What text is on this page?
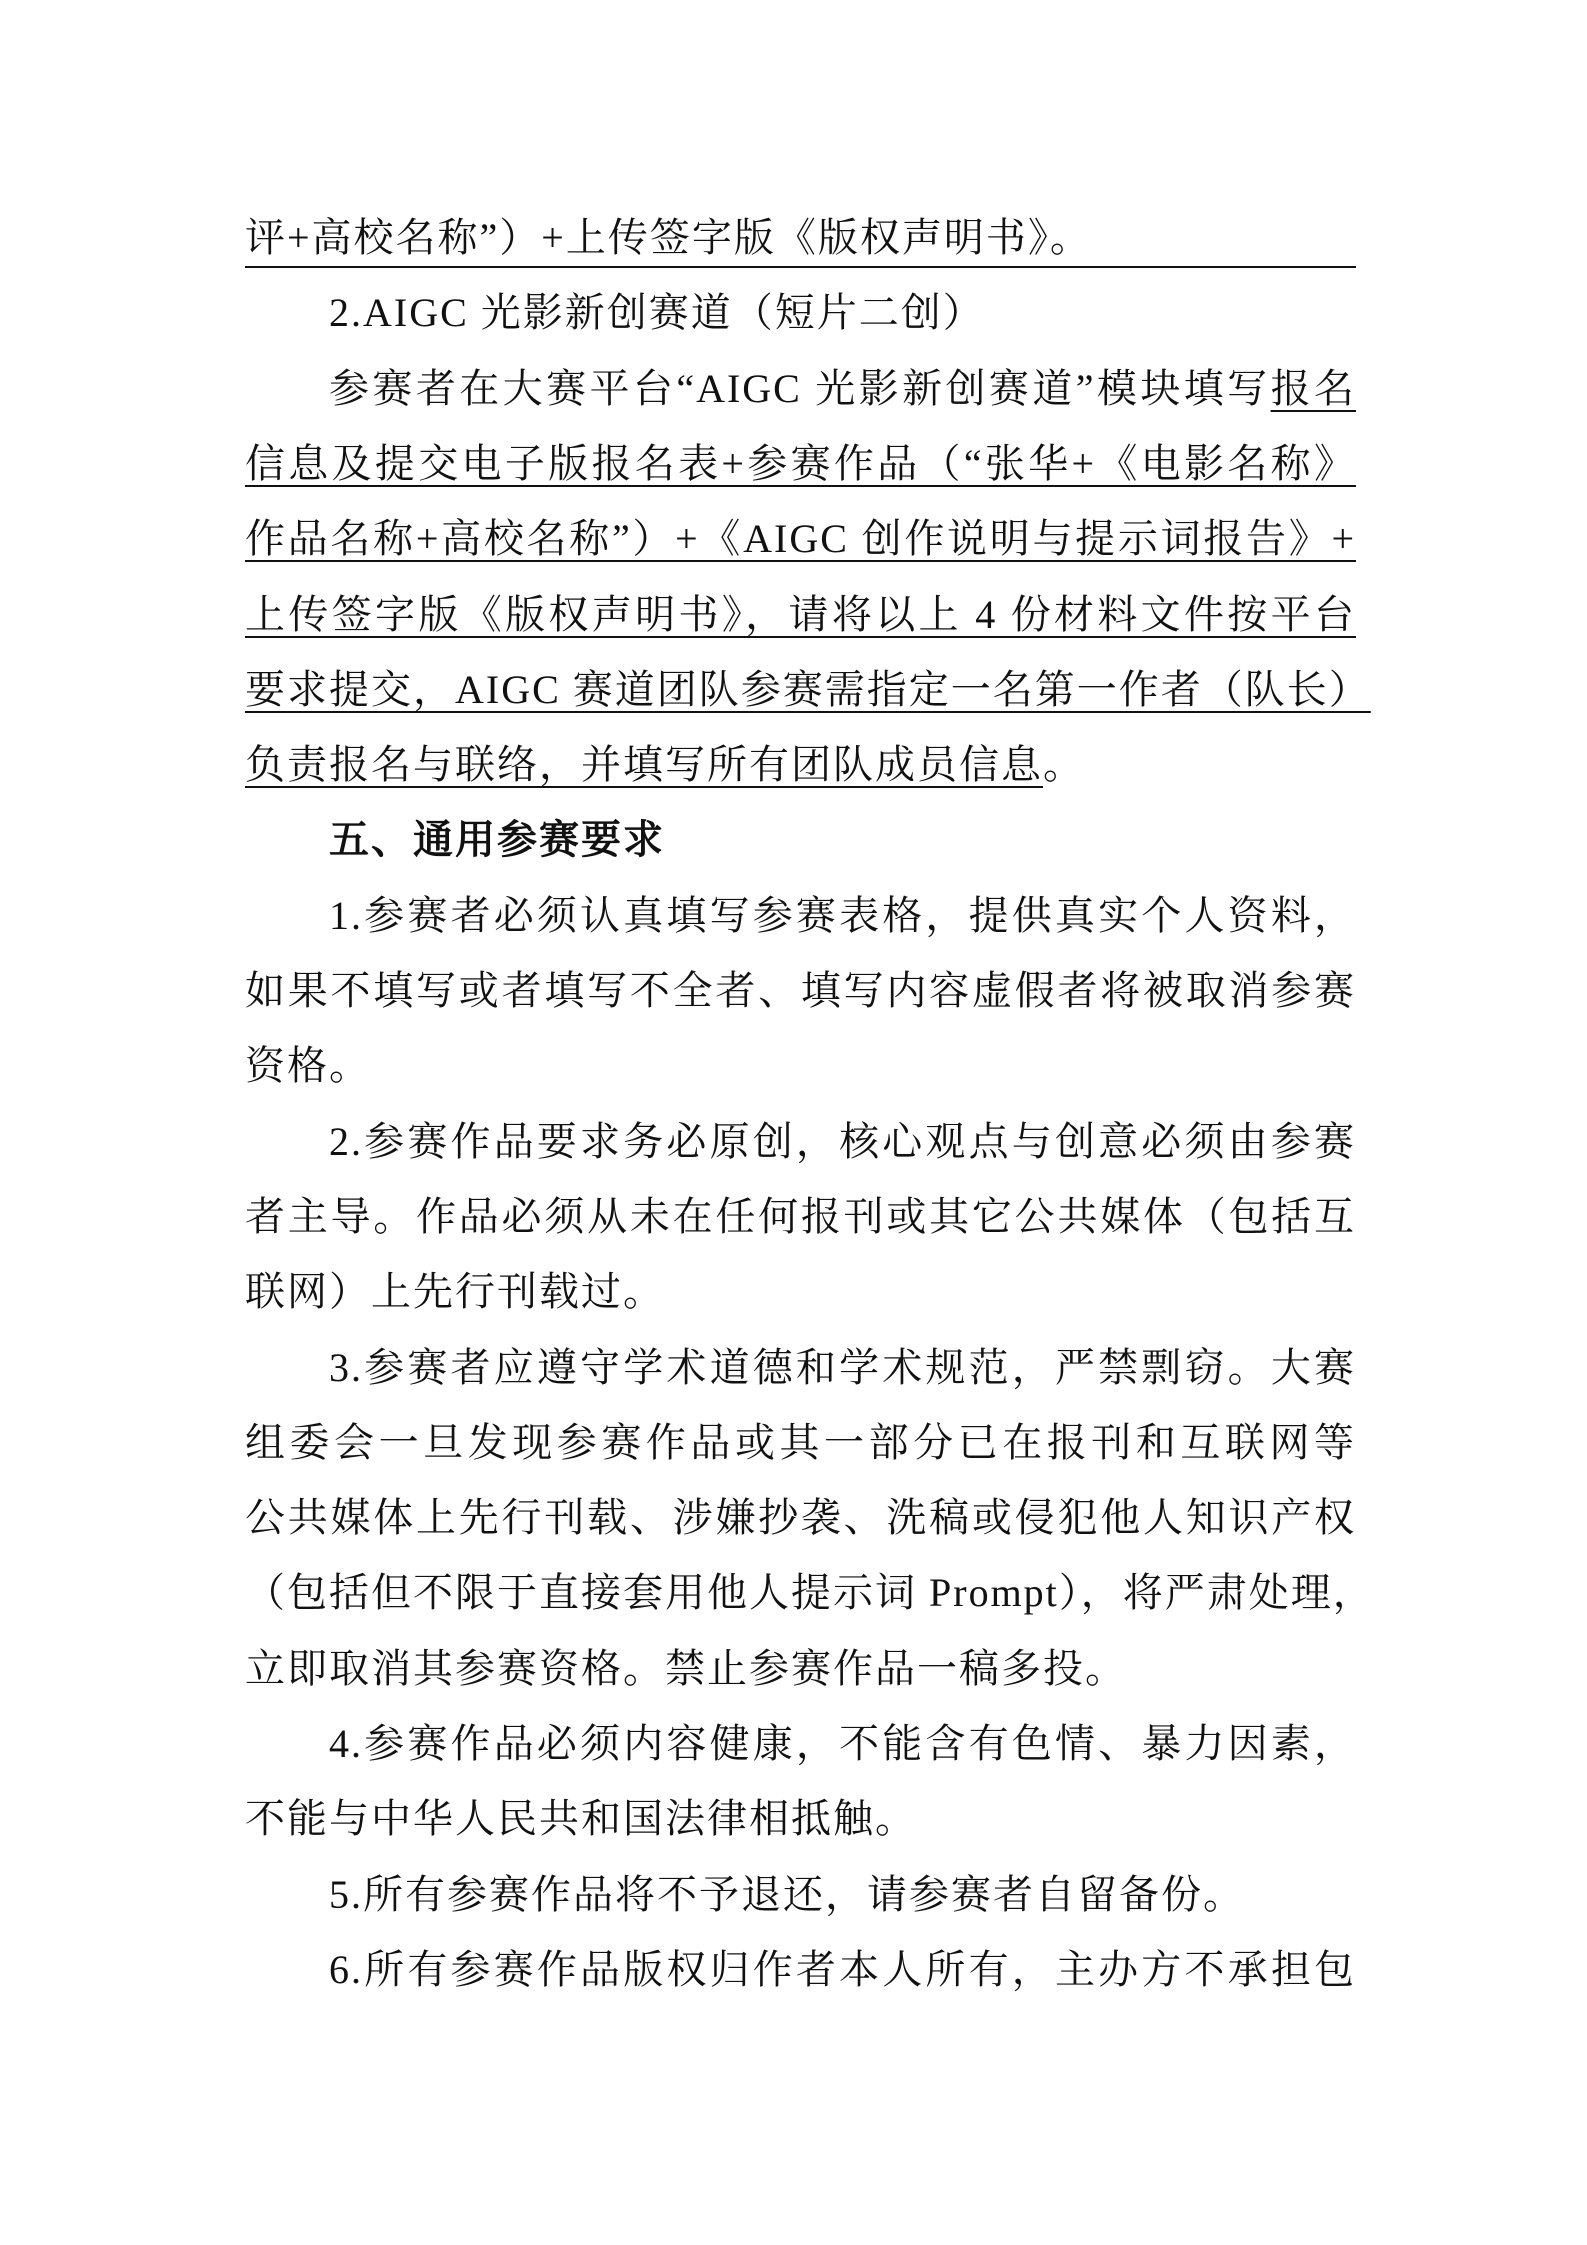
评+高校名称”）+上传签字版《版权声明书》。
2.AIGC 光影新创赛道（短片二创）
参赛者在大赛平台“AIGC 光影新创赛道”模块填写报名
信息及提交电子版报名表+参赛作品（“张华+《电影名称》
作品名称+高校名称”）+《AIGC 创作说明与提示词报告》+
上传签字版《版权声明书》，请将以上 4 份材料文件按平台
要求提交，AIGC 赛道团队参赛需指定一名第一作者（队长）
负责报名与联络，并填写所有团队成员信息。
五、通用参赛要求
1.参赛者必须认真填写参赛表格，提供真实个人资料，
如果不填写或者填写不全者、填写内容虚假者将被取消参赛
资格。
2.参赛作品要求务必原创，核心观点与创意必须由参赛
者主导。作品必须从未在任何报刊或其它公共媒体（包括互
联网）上先行刊载过。
3.参赛者应遵守学术道德和学术规范，严禁剽窃。大赛
组委会一旦发现参赛作品或其一部分已在报刊和互联网等
公共媒体上先行刊载、涉嫌抄袭、洗稿或侵犯他人知识产权
（包括但不限于直接套用他人提示词 Prompt），将严肃处理，
立即取消其参赛资格。禁止参赛作品一稿多投。
4.参赛作品必须内容健康，不能含有色情、暴力因素，
不能与中华人民共和国法律相抵触。
5.所有参赛作品将不予退还，请参赛者自留备份。
6.所有参赛作品版权归作者本人所有，主办方不承担包
